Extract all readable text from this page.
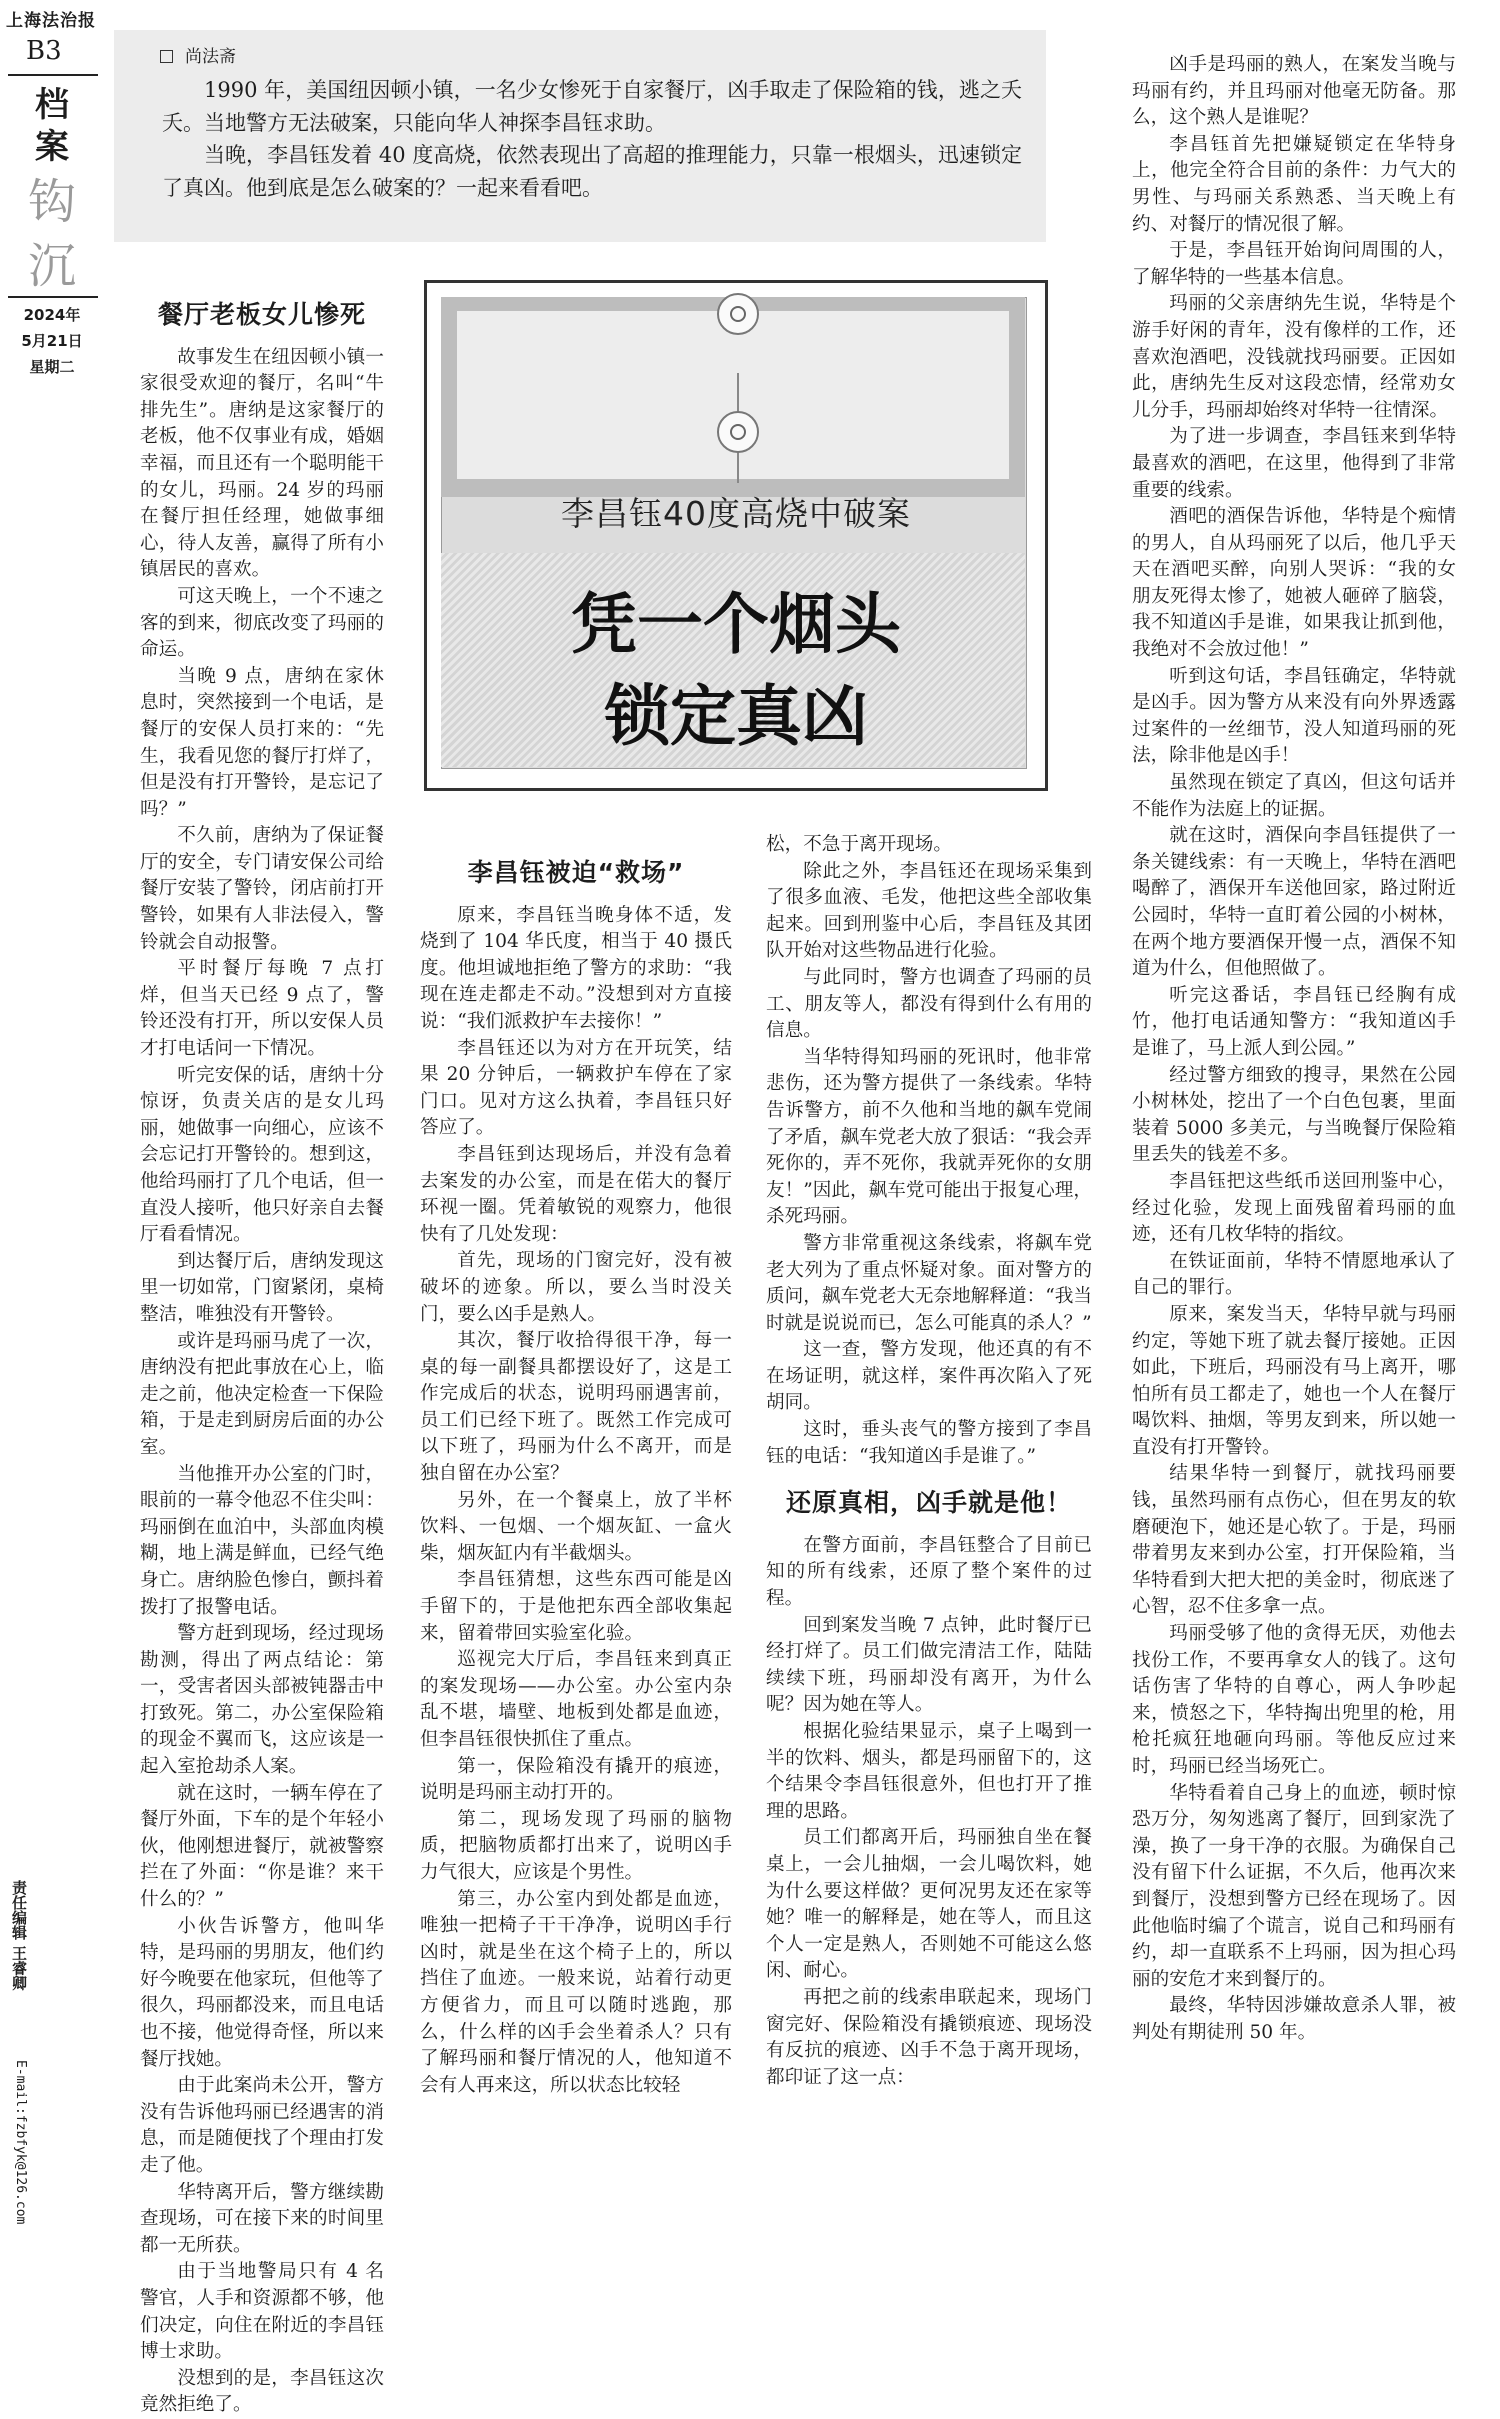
上海法治报
B3
档案
钩沉
2024年
5月21日
星期二
责任编辑 王睿卿
E-mail:fzbfyk@126.com
尚法斋

1990 年，美国纽因顿小镇，一名少女惨死于自家餐厅，凶手取走了保险箱的钱，逃之夭夭。当地警方无法破案，只能向华人神探李昌钰求助。

当晚，李昌钰发着 40 度高烧，依然表现出了高超的推理能力，只靠一根烟头，迅速锁定了真凶。他到底是怎么破案的？一起来看看吧。

李昌钰40度高烧中破案
凭一个烟头
锁定真凶
餐厅老板女儿惨死

故事发生在纽因顿小镇一家很受欢迎的餐厅，名叫“牛排先生”。唐纳是这家餐厅的老板，他不仅事业有成，婚姻幸福，而且还有一个聪明能干的女儿，玛丽。24 岁的玛丽在餐厅担任经理，她做事细心，待人友善，赢得了所有小镇居民的喜欢。

可这天晚上，一个不速之客的到来，彻底改变了玛丽的命运。

当晚 9 点，唐纳在家休息时，突然接到一个电话，是餐厅的安保人员打来的：“先生，我看见您的餐厅打烊了，但是没有打开警铃，是忘记了吗？”

不久前，唐纳为了保证餐厅的安全，专门请安保公司给餐厅安装了警铃，闭店前打开警铃，如果有人非法侵入，警铃就会自动报警。

平时餐厅每晚 7 点打烊，但当天已经 9 点了，警铃还没有打开，所以安保人员才打电话问一下情况。

听完安保的话，唐纳十分惊讶，负责关店的是女儿玛丽，她做事一向细心，应该不会忘记打开警铃的。想到这，他给玛丽打了几个电话，但一直没人接听，他只好亲自去餐厅看看情况。

到达餐厅后，唐纳发现这里一切如常，门窗紧闭，桌椅整洁，唯独没有开警铃。

或许是玛丽马虎了一次，唐纳没有把此事放在心上，临走之前，他决定检查一下保险箱，于是走到厨房后面的办公室。

当他推开办公室的门时，眼前的一幕令他忍不住尖叫：玛丽倒在血泊中，头部血肉模糊，地上满是鲜血，已经气绝身亡。唐纳脸色惨白，颤抖着拨打了报警电话。

警方赶到现场，经过现场勘测，得出了两点结论：第一，受害者因头部被钝器击中打致死。第二，办公室保险箱的现金不翼而飞，这应该是一起入室抢劫杀人案。

就在这时，一辆车停在了餐厅外面，下车的是个年轻小伙，他刚想进餐厅，就被警察拦在了外面：“你是谁？来干什么的？”

小伙告诉警方，他叫华特，是玛丽的男朋友，他们约好今晚要在他家玩，但他等了很久，玛丽都没来，而且电话也不接，他觉得奇怪，所以来餐厅找她。

由于此案尚未公开，警方没有告诉他玛丽已经遇害的消息，而是随便找了个理由打发走了他。

华特离开后，警方继续勘查现场，可在接下来的时间里都一无所获。

由于当地警局只有 4 名警官，人手和资源都不够，他们决定，向住在附近的李昌钰博士求助。

没想到的是，李昌钰这次竟然拒绝了。

李昌钰被迫“救场”

原来，李昌钰当晚身体不适，发烧到了 104 华氏度，相当于 40 摄氏度。他坦诚地拒绝了警方的求助：“我现在连走都走不动。”没想到对方直接说：“我们派救护车去接你！”

李昌钰还以为对方在开玩笑，结果 20 分钟后，一辆救护车停在了家门口。见对方这么执着，李昌钰只好答应了。

李昌钰到达现场后，并没有急着去案发的办公室，而是在偌大的餐厅环视一圈。凭着敏锐的观察力，他很快有了几处发现：

首先，现场的门窗完好，没有被破坏的迹象。所以，要么当时没关门，要么凶手是熟人。

其次，餐厅收拾得很干净，每一桌的每一副餐具都摆设好了，这是工作完成后的状态，说明玛丽遇害前，员工们已经下班了。既然工作完成可以下班了，玛丽为什么不离开，而是独自留在办公室？

另外，在一个餐桌上，放了半杯饮料、一包烟、一个烟灰缸、一盒火柴，烟灰缸内有半截烟头。

李昌钰猜想，这些东西可能是凶手留下的，于是他把东西全部收集起来，留着带回实验室化验。

巡视完大厅后，李昌钰来到真正的案发现场——办公室。办公室内杂乱不堪，墙壁、地板到处都是血迹，但李昌钰很快抓住了重点。

第一，保险箱没有撬开的痕迹，说明是玛丽主动打开的。

第二，现场发现了玛丽的脑物质，把脑物质都打出来了，说明凶手力气很大，应该是个男性。

第三，办公室内到处都是血迹，唯独一把椅子干干净净，说明凶手行凶时，就是坐在这个椅子上的，所以挡住了血迹。一般来说，站着行动更方便省力，而且可以随时逃跑，那么，什么样的凶手会坐着杀人？只有了解玛丽和餐厅情况的人，他知道不会有人再来这，所以状态比较轻

松，不急于离开现场。

除此之外，李昌钰还在现场采集到了很多血液、毛发，他把这些全部收集起来。回到刑鉴中心后，李昌钰及其团队开始对这些物品进行化验。

与此同时，警方也调查了玛丽的员工、朋友等人，都没有得到什么有用的信息。

当华特得知玛丽的死讯时，他非常悲伤，还为警方提供了一条线索。华特告诉警方，前不久他和当地的飙车党闹了矛盾，飙车党老大放了狠话：“我会弄死你的，弄不死你，我就弄死你的女朋友！”因此，飙车党可能出于报复心理，杀死玛丽。

警方非常重视这条线索，将飙车党老大列为了重点怀疑对象。面对警方的质问，飙车党老大无奈地解释道：“我当时就是说说而已，怎么可能真的杀人？”

这一查，警方发现，他还真的有不在场证明，就这样，案件再次陷入了死胡同。

这时，垂头丧气的警方接到了李昌钰的电话：“我知道凶手是谁了。”

还原真相，凶手就是他！

在警方面前，李昌钰整合了目前已知的所有线索，还原了整个案件的过程。

回到案发当晚 7 点钟，此时餐厅已经打烊了。员工们做完清洁工作，陆陆续续下班，玛丽却没有离开，为什么呢？因为她在等人。

根据化验结果显示，桌子上喝到一半的饮料、烟头，都是玛丽留下的，这个结果令李昌钰很意外，但也打开了推理的思路。

员工们都离开后，玛丽独自坐在餐桌上，一会儿抽烟，一会儿喝饮料，她为什么要这样做？更何况男友还在家等她？唯一的解释是，她在等人，而且这个人一定是熟人，否则她不可能这么悠闲、耐心。

再把之前的线索串联起来，现场门窗完好、保险箱没有撬锁痕迹、现场没有反抗的痕迹、凶手不急于离开现场，都印证了这一点：

凶手是玛丽的熟人，在案发当晚与玛丽有约，并且玛丽对他毫无防备。那么，这个熟人是谁呢？

李昌钰首先把嫌疑锁定在华特身上，他完全符合目前的条件：力气大的男性、与玛丽关系熟悉、当天晚上有约、对餐厅的情况很了解。

于是，李昌钰开始询问周围的人，了解华特的一些基本信息。

玛丽的父亲唐纳先生说，华特是个游手好闲的青年，没有像样的工作，还喜欢泡酒吧，没钱就找玛丽要。正因如此，唐纳先生反对这段恋情，经常劝女儿分手，玛丽却始终对华特一往情深。

为了进一步调查，李昌钰来到华特最喜欢的酒吧，在这里，他得到了非常重要的线索。

酒吧的酒保告诉他，华特是个痴情的男人，自从玛丽死了以后，他几乎天天在酒吧买醉，向别人哭诉：“我的女朋友死得太惨了，她被人砸碎了脑袋，我不知道凶手是谁，如果我让抓到他，我绝对不会放过他！”

听到这句话，李昌钰确定，华特就是凶手。因为警方从来没有向外界透露过案件的一丝细节，没人知道玛丽的死法，除非他是凶手！

虽然现在锁定了真凶，但这句话并不能作为法庭上的证据。

就在这时，酒保向李昌钰提供了一条关键线索：有一天晚上，华特在酒吧喝醉了，酒保开车送他回家，路过附近公园时，华特一直盯着公园的小树林，在两个地方要酒保开慢一点，酒保不知道为什么，但他照做了。

听完这番话，李昌钰已经胸有成竹，他打电话通知警方：“我知道凶手是谁了，马上派人到公园。”

经过警方细致的搜寻，果然在公园小树林处，挖出了一个白色包裹，里面装着 5000 多美元，与当晚餐厅保险箱里丢失的钱差不多。

李昌钰把这些纸币送回刑鉴中心，经过化验，发现上面残留着玛丽的血迹，还有几枚华特的指纹。

在铁证面前，华特不情愿地承认了自己的罪行。

原来，案发当天，华特早就与玛丽约定，等她下班了就去餐厅接她。正因如此，下班后，玛丽没有马上离开，哪怕所有员工都走了，她也一个人在餐厅喝饮料、抽烟，等男友到来，所以她一直没有打开警铃。

结果华特一到餐厅，就找玛丽要钱，虽然玛丽有点伤心，但在男友的软磨硬泡下，她还是心软了。于是，玛丽带着男友来到办公室，打开保险箱，当华特看到大把大把的美金时，彻底迷了心智，忍不住多拿一点。

玛丽受够了他的贪得无厌，劝他去找份工作，不要再拿女人的钱了。这句话伤害了华特的自尊心，两人争吵起来，愤怒之下，华特掏出兜里的枪，用枪托疯狂地砸向玛丽。等他反应过来时，玛丽已经当场死亡。

华特看着自己身上的血迹，顿时惊恐万分，匆匆逃离了餐厅，回到家洗了澡，换了一身干净的衣服。为确保自己没有留下什么证据，不久后，他再次来到餐厅，没想到警方已经在现场了。因此他临时编了个谎言，说自己和玛丽有约，却一直联系不上玛丽，因为担心玛丽的安危才来到餐厅的。

最终，华特因涉嫌故意杀人罪，被判处有期徒刑 50 年。
